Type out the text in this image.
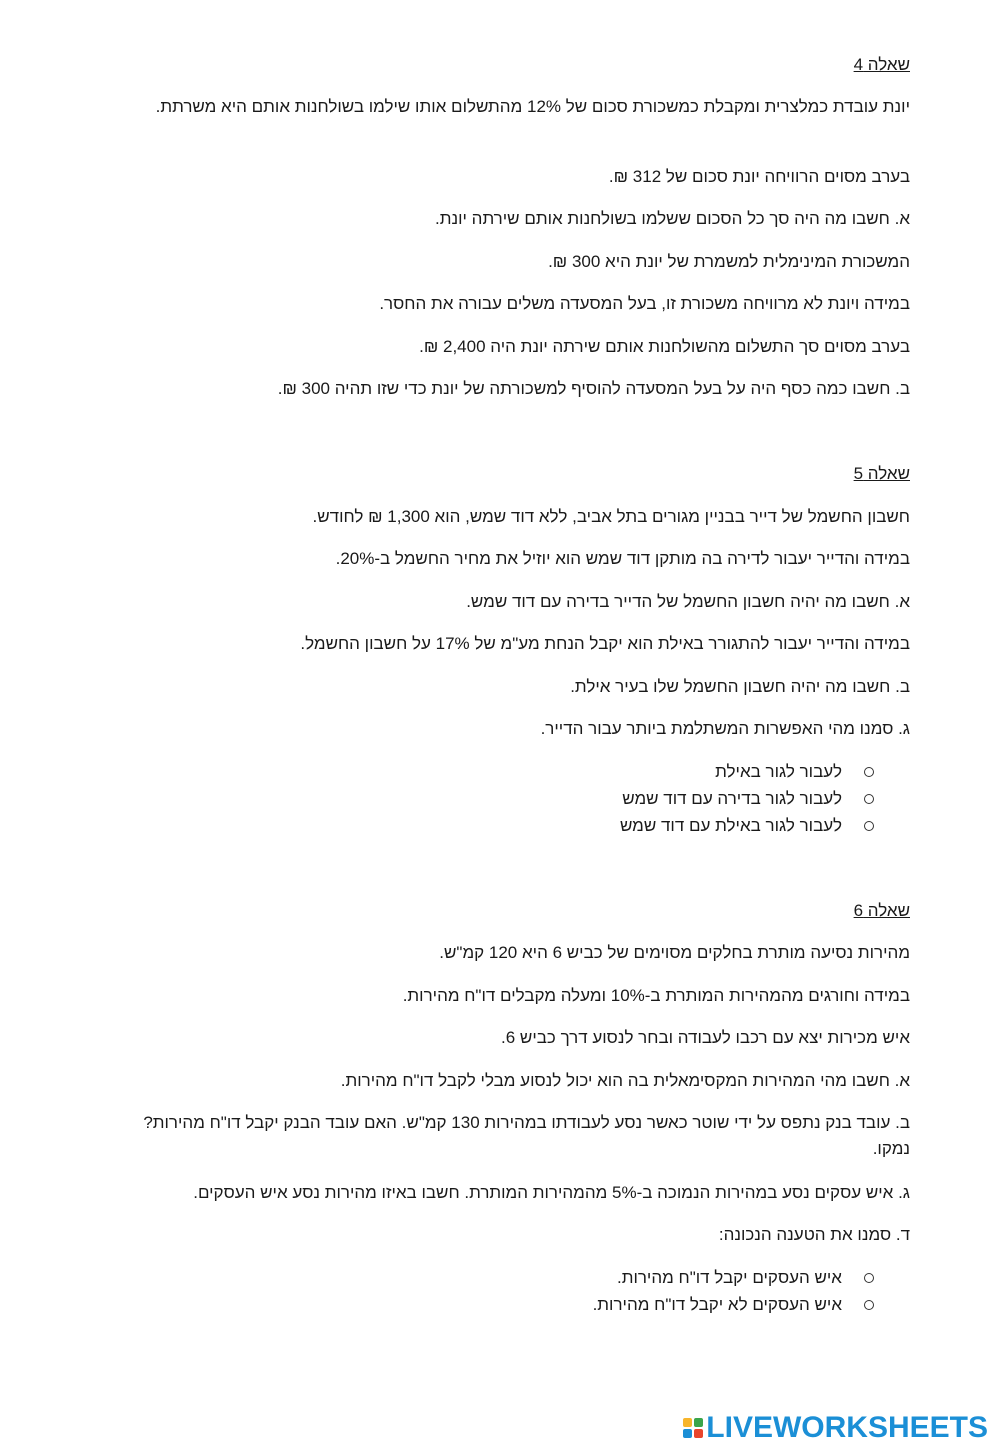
שאלה 4
יונת עובדת כמלצרית ומקבלת כמשכורת סכום של 12% מהתשלום אותו שילמו בשולחנות אותם היא משרתת.
בערב מסוים הרוויחה יונת סכום של 312 ₪.
א. חשבו מה היה סך כל הסכום ששלמו בשולחנות אותם שירתה יונת.
המשכורת המינימלית למשמרת של יונת היא 300 ₪.
במידה ויונת לא מרוויחה משכורת זו, בעל המסעדה משלים עבורה את החסר.
בערב מסוים סך התשלום מהשולחנות אותם שירתה יונת היה 2,400 ₪.
ב. חשבו כמה כסף היה על בעל המסעדה להוסיף למשכורתה של יונת כדי שזו תהיה 300 ₪.
שאלה 5
חשבון החשמל של דייר בבניין מגורים בתל אביב, ללא דוד שמש, הוא 1,300 ₪ לחודש.
במידה והדייר יעבור לדירה בה מותקן דוד שמש הוא יוזיל את מחיר החשמל ב-20%.
א. חשבו מה יהיה חשבון החשמל של הדייר בדירה עם דוד שמש.
במידה והדייר יעבור להתגורר באילת הוא יקבל הנחת מע"מ של 17% על חשבון החשמל.
ב. חשבו מה יהיה חשבון החשמל שלו בעיר אילת.
ג. סמנו מהי האפשרות המשתלמת ביותר עבור הדייר.
לעבור לגור באילת
לעבור לגור בדירה עם דוד שמש
לעבור לגור באילת עם דוד שמש
שאלה 6
מהירות נסיעה מותרת בחלקים מסוימים של כביש 6 היא 120 קמ"ש.
במידה וחורגים מהמהירות המותרת ב-10% ומעלה מקבלים דו"ח מהירות.
איש מכירות יצא עם רכבו לעבודה ובחר לנסוע דרך כביש 6.
א. חשבו מהי המהירות המקסימאלית בה הוא יכול לנסוע מבלי לקבל דו"ח מהירות.
ב. עובד בנק נתפס על ידי שוטר כאשר נסע לעבודתו במהירות 130 קמ"ש. האם עובד הבנק יקבל דו"ח מהירות? נמקו.
ג. איש עסקים נסע במהירות הנמוכה ב-5% מהמהירות המותרת. חשבו באיזו מהירות נסע איש העסקים.
ד. סמנו את הטענה הנכונה:
איש העסקים יקבל דו"ח מהירות.
איש העסקים לא יקבל דו"ח מהירות.
LIVEWORKSHEETS
